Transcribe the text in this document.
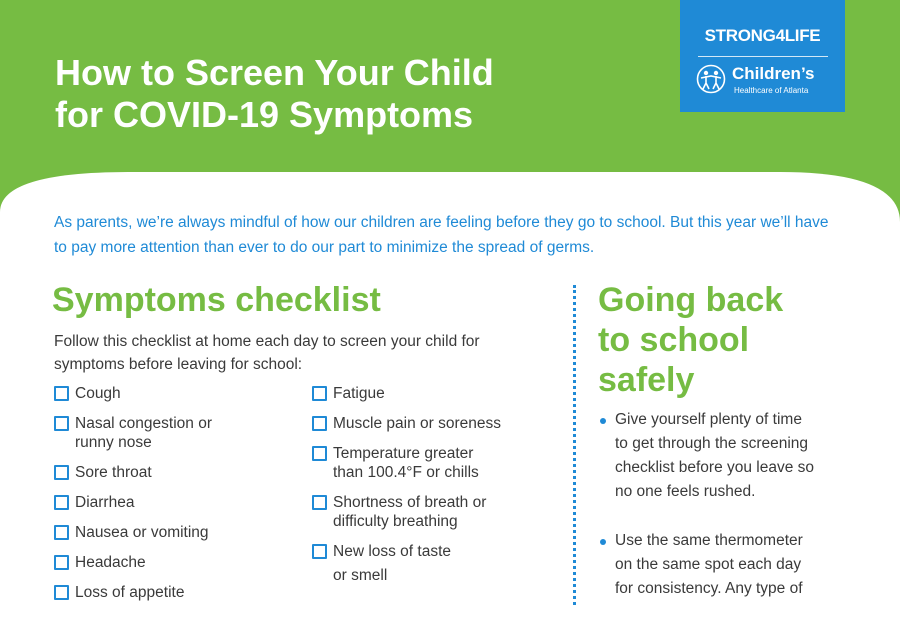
How to Screen Your Child
for COVID-19 Symptoms
STRONG4LIFE
Children’s
Healthcare of Atlanta

As parents, we’re always mindful of how our children are feeling before they go to school. But this year we’ll have to pay more attention than ever to do our part to minimize the spread of germs.

Symptoms checklist

Follow this checklist at home each day to screen your child for symptoms before leaving for school:

Cough
Nasal congestion or
runny nose
Sore throat
Diarrhea
Nausea or vomiting
Headache
Loss of appetite
Fatigue
Muscle pain or soreness
Temperature greater
than 100.4°F or chills
Shortness of breath or
difficulty breathing
New loss of taste
or smell
Going back
to school
safely
Give yourself plenty of time
to get through the screening
checklist before you leave so
no one feels rushed.
Use the same thermometer
on the same spot each day
for consistency. Any type of
